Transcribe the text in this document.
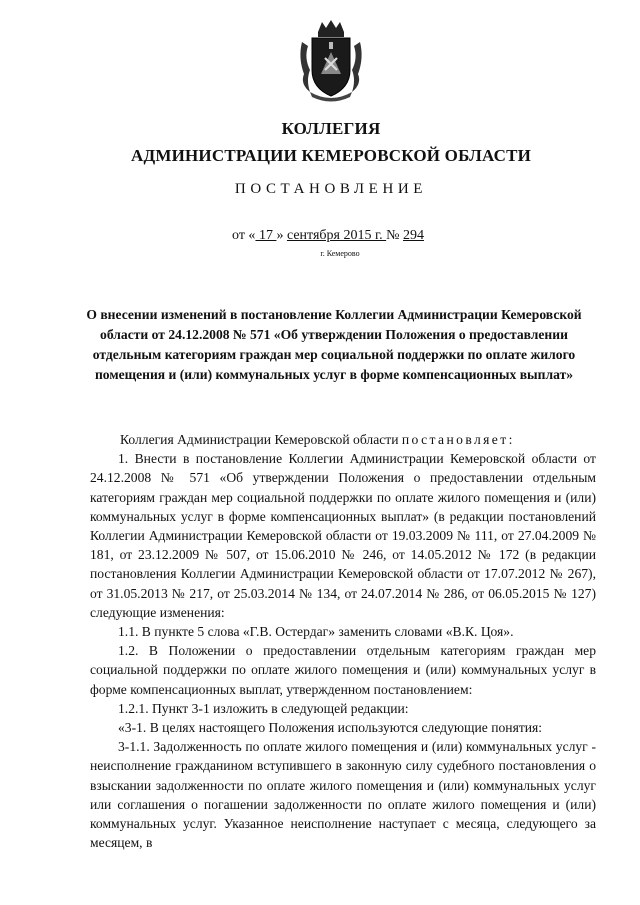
КОЛЛЕГИЯ
АДМИНИСТРАЦИИ КЕМЕРОВСКОЙ ОБЛАСТИ
ПОСТАНОВЛЕНИЕ
от « 17 » сентября 2015 г. № 294
г. Кемерово
О внесении изменений в постановление Коллегии Администрации Кемеровской области от 24.12.2008 № 571 «Об утверждении Положения о предоставлении отдельным категориям граждан мер социальной поддержки по оплате жилого помещения и (или) коммунальных услуг в форме компенсационных выплат»

Коллегия Администрации Кемеровской области постановляет:

1. Внести в постановление Коллегии Администрации Кемеровской области от 24.12.2008 № 571 «Об утверждении Положения о предоставлении отдельным категориям граждан мер социальной поддержки по оплате жилого помещения и (или) коммунальных услуг в форме компенсационных выплат» (в редакции постановлений Коллегии Администрации Кемеровской области от 19.03.2009 № 111, от 27.04.2009 № 181, от 23.12.2009 № 507, от 15.06.2010 № 246, от 14.05.2012 № 172 (в редакции постановления Коллегии Администрации Кемеровской области от 17.07.2012 № 267), от 31.05.2013 № 217, от 25.03.2014 № 134, от 24.07.2014 № 286, от 06.05.2015 № 127) следующие изменения:

1.1. В пункте 5 слова «Г.В. Остердаг» заменить словами «В.К. Цоя».

1.2. В Положении о предоставлении отдельным категориям граждан мер социальной поддержки по оплате жилого помещения и (или) коммунальных услуг в форме компенсационных выплат, утвержденном постановлением:

1.2.1. Пункт 3-1 изложить в следующей редакции:

«3-1. В целях настоящего Положения используются следующие понятия:

3-1.1. Задолженность по оплате жилого помещения и (или) коммунальных услуг - неисполнение гражданином вступившего в законную силу судебного постановления о взыскании задолженности по оплате жилого помещения и (или) коммунальных услуг или соглашения о погашении задолженности по оплате жилого помещения и (или) коммунальных услуг. Указанное неисполнение наступает с месяца, следующего за месяцем, в
